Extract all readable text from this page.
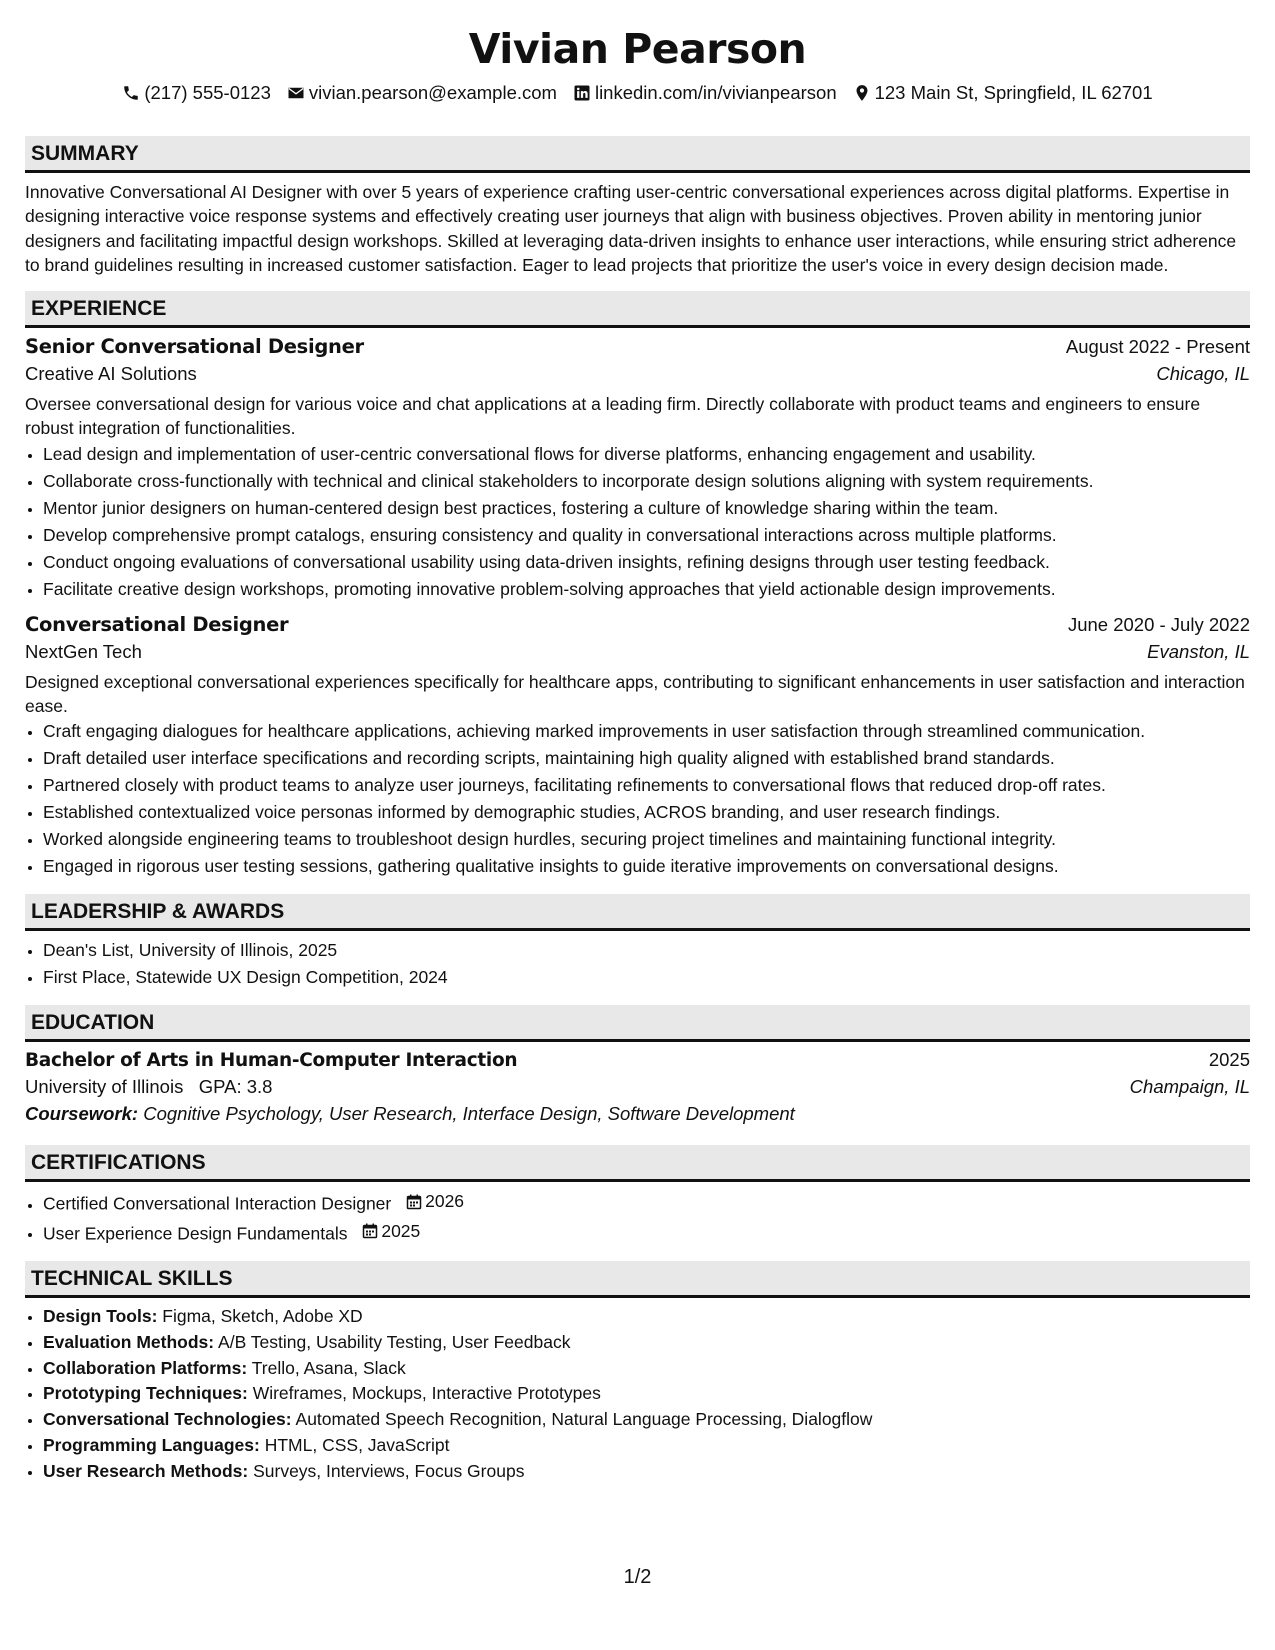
Vivian Pearson
(217) 555-0123 vivian.pearson@example.com linkedin.com/in/vivianpearson 123 Main St, Springfield, IL 62701
SUMMARY

Innovative Conversational AI Designer with over 5 years of experience crafting user-centric conversational experiences across digital platforms. Expertise in designing interactive voice response systems and effectively creating user journeys that align with business objectives. Proven ability in mentoring junior designers and facilitating impactful design workshops. Skilled at leveraging data-driven insights to enhance user interactions, while ensuring strict adherence to brand guidelines resulting in increased customer satisfaction. Eager to lead projects that prioritize the user's voice in every design decision made.

EXPERIENCE
Senior Conversational Designer	August 2022 - Present
Creative AI Solutions	Chicago, IL

Oversee conversational design for various voice and chat applications at a leading firm. Directly collaborate with product teams and engineers to ensure robust integration of functionalities.

• Lead design and implementation of user-centric conversational flows for diverse platforms, enhancing engagement and usability.
• Collaborate cross-functionally with technical and clinical stakeholders to incorporate design solutions aligning with system requirements.
• Mentor junior designers on human-centered design best practices, fostering a culture of knowledge sharing within the team.
• Develop comprehensive prompt catalogs, ensuring consistency and quality in conversational interactions across multiple platforms.
• Conduct ongoing evaluations of conversational usability using data-driven insights, refining designs through user testing feedback.
• Facilitate creative design workshops, promoting innovative problem-solving approaches that yield actionable design improvements.
Conversational Designer	June 2020 - July 2022
NextGen Tech	Evanston, IL

Designed exceptional conversational experiences specifically for healthcare apps, contributing to significant enhancements in user satisfaction and interaction ease.

• Craft engaging dialogues for healthcare applications, achieving marked improvements in user satisfaction through streamlined communication.
• Draft detailed user interface specifications and recording scripts, maintaining high quality aligned with established brand standards.
• Partnered closely with product teams to analyze user journeys, facilitating refinements to conversational flows that reduced drop-off rates.
• Established contextualized voice personas informed by demographic studies, ACROS branding, and user research findings.
• Worked alongside engineering teams to troubleshoot design hurdles, securing project timelines and maintaining functional integrity.
• Engaged in rigorous user testing sessions, gathering qualitative insights to guide iterative improvements on conversational designs.
LEADERSHIP & AWARDS
• Dean's List, University of Illinois, 2025
• First Place, Statewide UX Design Competition, 2024
EDUCATION
Bachelor of Arts in Human-Computer Interaction	2025
University of Illinois GPA: 3.8	Champaign, IL
Coursework: Cognitive Psychology, User Research, Interface Design, Software Development
CERTIFICATIONS
• Certified Conversational Interaction Designer 2026
• User Experience Design Fundamentals 2025
TECHNICAL SKILLS
• Design Tools: Figma, Sketch, Adobe XD
• Evaluation Methods: A/B Testing, Usability Testing, User Feedback
• Collaboration Platforms: Trello, Asana, Slack
• Prototyping Techniques: Wireframes, Mockups, Interactive Prototypes
• Conversational Technologies: Automated Speech Recognition, Natural Language Processing, Dialogflow
• Programming Languages: HTML, CSS, JavaScript
• User Research Methods: Surveys, Interviews, Focus Groups
1/2
